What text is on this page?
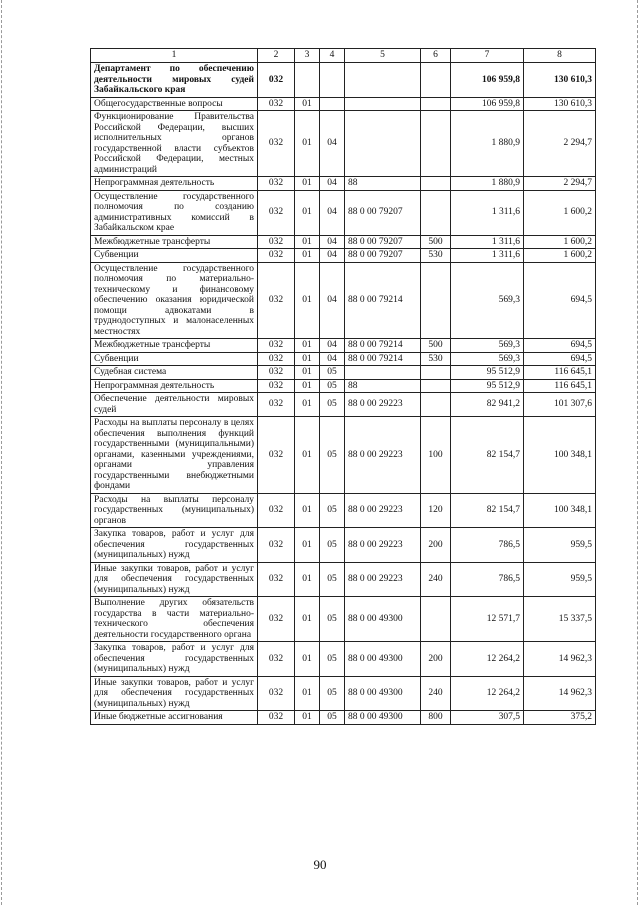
1	2	3	4	5	6	7	8
Департамент по обеспечению деятельности мировых судей Забайкальского края	032					106 959,8	130 610,3
Общегосударственные вопросы	032	01				106 959,8	130 610,3
Функционирование Правительства Российской Федерации, высших исполнительных органов государственной власти субъектов Российской Федерации, местных администраций	032	01	04			1 880,9	2 294,7
Непрограммная деятельность	032	01	04	88		1 880,9	2 294,7
Осуществление государственного полномочия по созданию административных комиссий в Забайкальском крае	032	01	04	88 0 00 79207		1 311,6	1 600,2
Межбюджетные трансферты	032	01	04	88 0 00 79207	500	1 311,6	1 600,2
Субвенции	032	01	04	88 0 00 79207	530	1 311,6	1 600,2
Осуществление государственного полномочия по материально-техническому и финансовому обеспечению оказания юридической помощи адвокатами в труднодоступных и малонаселенных местностях	032	01	04	88 0 00 79214		569,3	694,5
Межбюджетные трансферты	032	01	04	88 0 00 79214	500	569,3	694,5
Субвенции	032	01	04	88 0 00 79214	530	569,3	694,5
Судебная система	032	01	05			95 512,9	116 645,1
Непрограммная деятельность	032	01	05	88		95 512,9	116 645,1
Обеспечение деятельности мировых судей	032	01	05	88 0 00 29223		82 941,2	101 307,6
Расходы на выплаты персоналу в целях обеспечения выполнения функций государственными (муниципальными) органами, казенными учреждениями, органами управления государственными внебюджетными фондами	032	01	05	88 0 00 29223	100	82 154,7	100 348,1
Расходы на выплаты персоналу государственных (муниципальных) органов	032	01	05	88 0 00 29223	120	82 154,7	100 348,1
Закупка товаров, работ и услуг для обеспечения государственных (муниципальных) нужд	032	01	05	88 0 00 29223	200	786,5	959,5
Иные закупки товаров, работ и услуг для обеспечения государственных (муниципальных) нужд	032	01	05	88 0 00 29223	240	786,5	959,5
Выполнение других обязательств государства в части материально-технического обеспечения деятельности государственного органа	032	01	05	88 0 00 49300		12 571,7	15 337,5
Закупка товаров, работ и услуг для обеспечения государственных (муниципальных) нужд	032	01	05	88 0 00 49300	200	12 264,2	14 962,3
Иные закупки товаров, работ и услуг для обеспечения государственных (муниципальных) нужд	032	01	05	88 0 00 49300	240	12 264,2	14 962,3
Иные бюджетные ассигнования	032	01	05	88 0 00 49300	800	307,5	375,2
90
